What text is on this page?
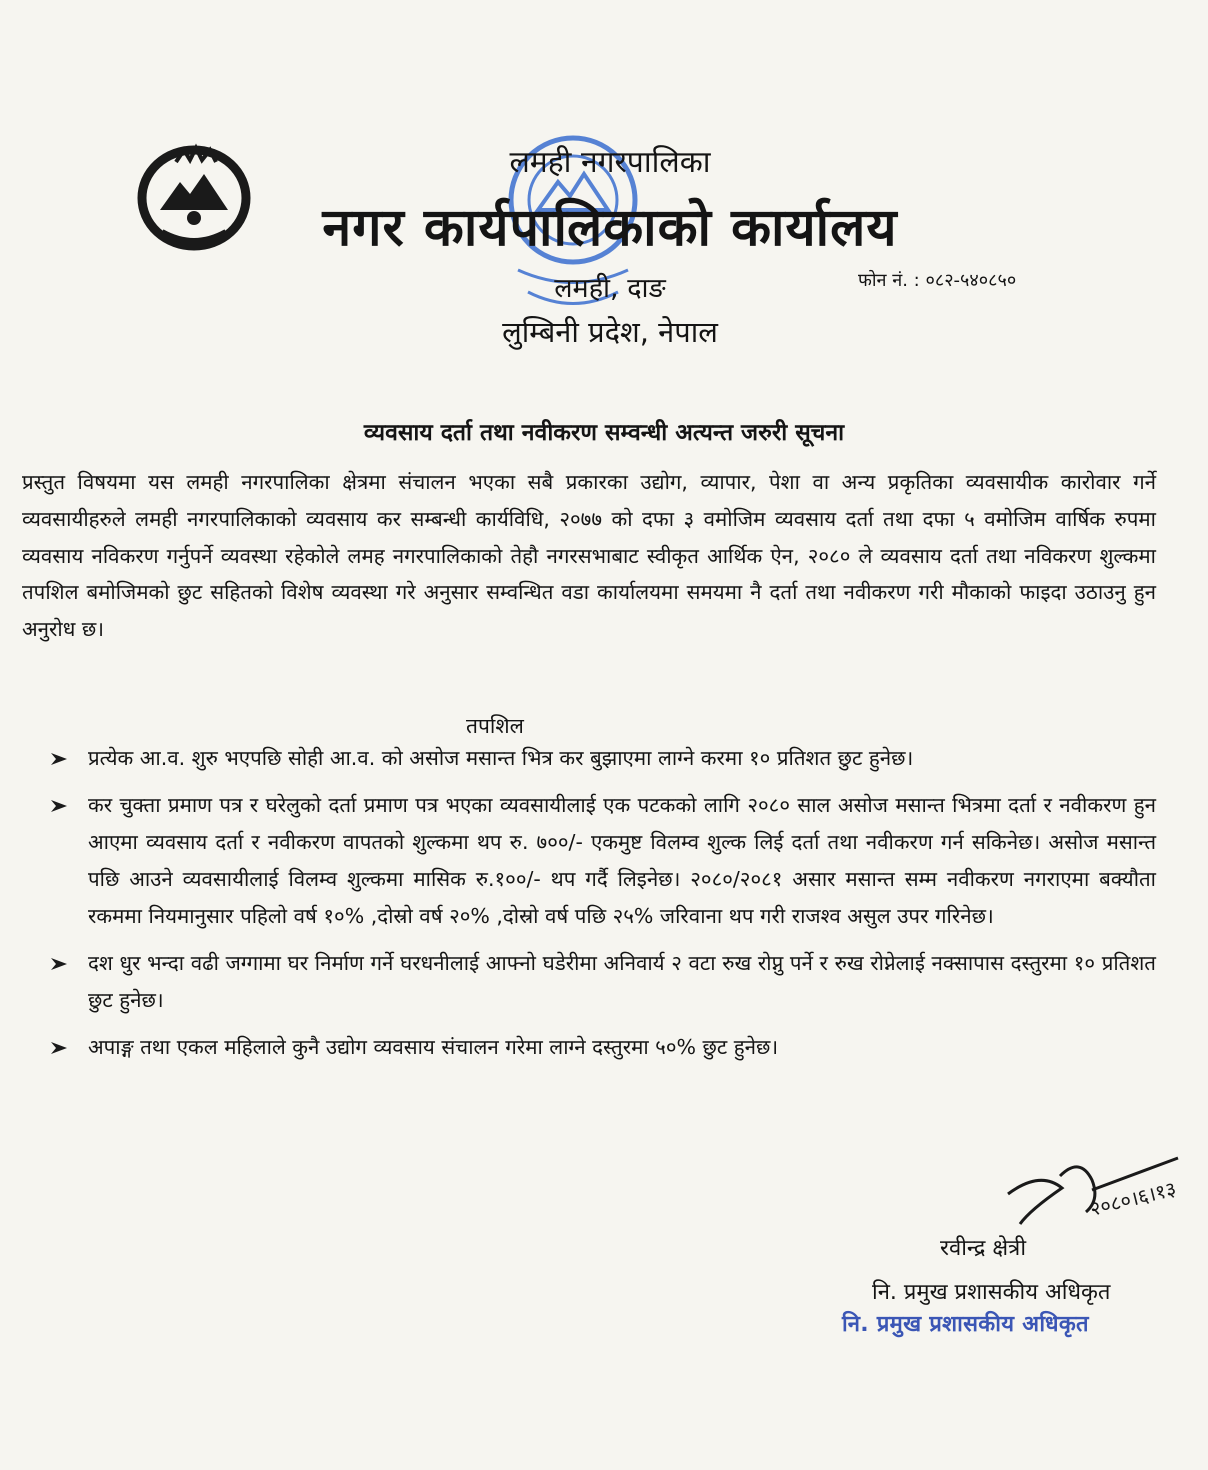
लमही नगरपालिका
नगर कार्यपालिकाको कार्यालय
लमही, दाङ
लुम्बिनी प्रदेश, नेपाल
फोन नं. : ०८२-५४०८५०
व्यवसाय दर्ता तथा नवीकरण सम्वन्धी अत्यन्त जरुरी सूचना
प्रस्तुत विषयमा यस लमही नगरपालिका क्षेत्रमा संचालन भएका सबै प्रकारका उद्योग, व्यापार, पेशा वा अन्य प्रकृतिका व्यवसायीक कारोवार गर्ने व्यवसायीहरुले लमही नगरपालिकाको व्यवसाय कर सम्बन्धी कार्यविधि, २०७७ को दफा ३ वमोजिम व्यवसाय दर्ता तथा दफा ५ वमोजिम वार्षिक रुपमा व्यवसाय नविकरण गर्नुपर्ने व्यवस्था रहेकोले लमह नगरपालिकाको तेहौ नगरसभाबाट स्वीकृत आर्थिक ऐन, २०८० ले व्यवसाय दर्ता तथा नविकरण शुल्कमा तपशिल बमोजिमको छुट सहितको विशेष व्यवस्था गरे अनुसार सम्वन्धित वडा कार्यालयमा समयमा नै दर्ता तथा नवीकरण गरी मौकाको फाइदा उठाउनु हुन अनुरोध छ।
तपशिल
प्रत्येक आ.व. शुरु भएपछि सोही आ.व. को असोज मसान्त भित्र कर बुझाएमा लाग्ने करमा १० प्रतिशत छुट हुनेछ।
कर चुक्ता प्रमाण पत्र र घरेलुको दर्ता प्रमाण पत्र भएका व्यवसायीलाई एक पटकको लागि २०८० साल असोज मसान्त भित्रमा दर्ता र नवीकरण हुन आएमा व्यवसाय दर्ता र नवीकरण वापतको शुल्कमा थप रु. ७००/- एकमुष्ट विलम्व शुल्क लिई दर्ता तथा नवीकरण गर्न सकिनेछ। असोज मसान्त पछि आउने व्यवसायीलाई विलम्व शुल्कमा मासिक रु.१००/- थप गर्दै लिइनेछ। २०८०/२०८१ असार मसान्त सम्म नवीकरण नगराएमा बक्यौता रकममा नियमानुसार पहिलो वर्ष १०% ,दोस्रो वर्ष २०% ,दोस्रो वर्ष पछि २५% जरिवाना थप गरी राजश्व असुल उपर गरिनेछ।
दश धुर भन्दा वढी जग्गामा घर निर्माण गर्ने घरधनीलाई आफ्नो घडेरीमा अनिवार्य २ वटा रुख रोप्नु पर्ने र रुख रोप्नेलाई नक्सापास दस्तुरमा १० प्रतिशत छुट हुनेछ।
अपाङ्ग तथा एकल महिलाले कुनै उद्योग व्यवसाय संचालन गरेमा लाग्ने दस्तुरमा ५०% छुट हुनेछ।
२०८०।६।१३
रवीन्द्र क्षेत्री
नि. प्रमुख प्रशासकीय अधिकृत
नि. प्रमुख प्रशासकीय अधिकृत
